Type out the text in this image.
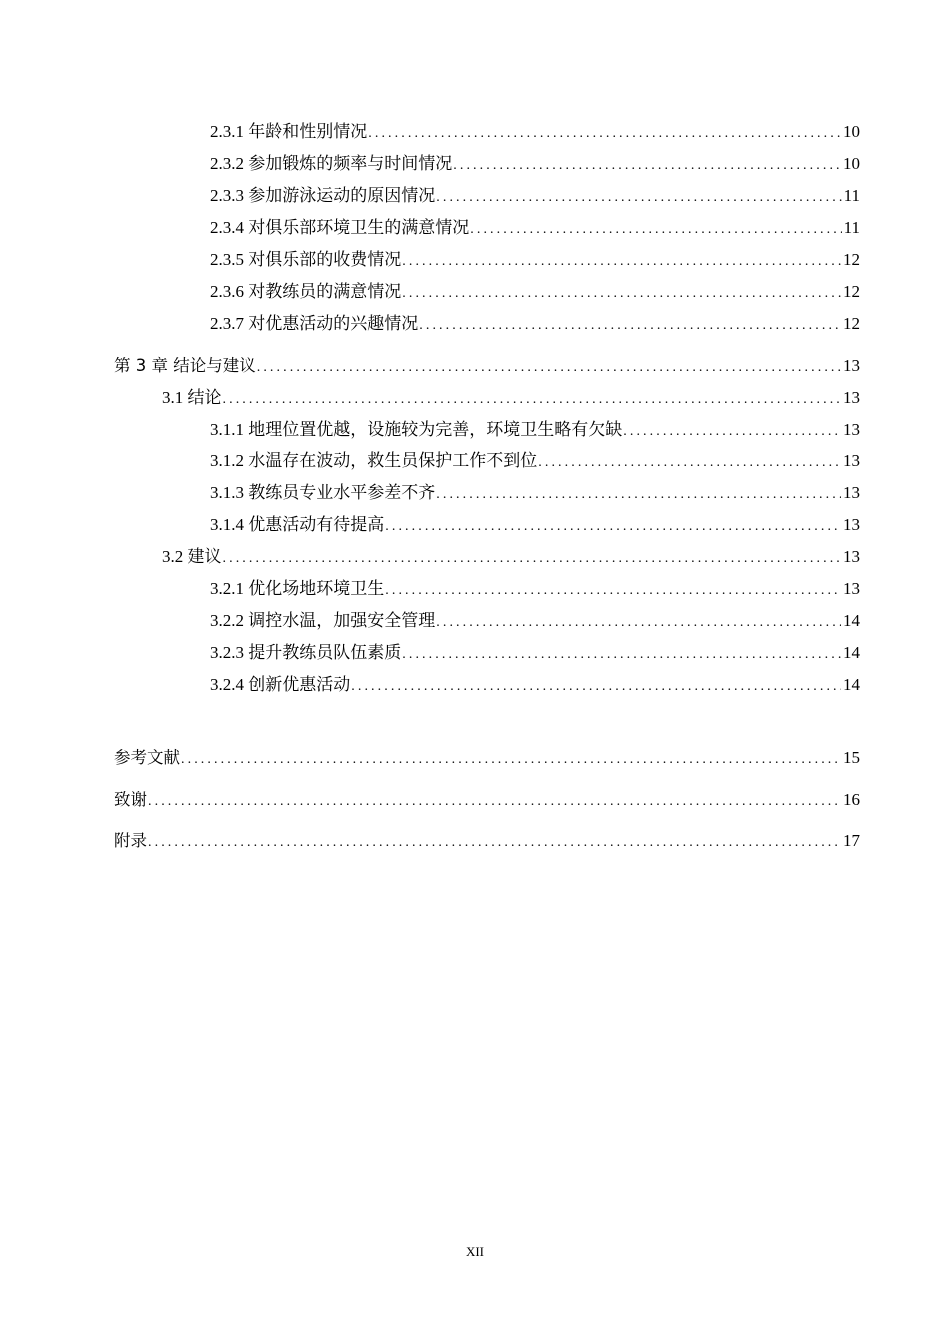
2.3.1 年龄和性别情况 .....	10
2.3.2 参加锻炼的频率与时间情况 .....	10
2.3.3 参加游泳运动的原因情况 .....	11
2.3.4 对俱乐部环境卫生的满意情况 .....	11
2.3.5 对俱乐部的收费情况 .....	12
2.3.6 对教练员的满意情况 .....	12
2.3.7 对优惠活动的兴趣情况 .....	12
第 3 章 结论与建议 .....	13
3.1 结论 .....	13
3.1.1 地理位置优越，设施较为完善，环境卫生略有欠缺 .....	13
3.1.2 水温存在波动，救生员保护工作不到位 .....	13
3.1.3 教练员专业水平参差不齐 .....	13
3.1.4 优惠活动有待提高 .....	13
3.2 建议 .....	13
3.2.1 优化场地环境卫生 .....	13
3.2.2 调控水温，加强安全管理 .....	14
3.2.3 提升教练员队伍素质 .....	14
3.2.4 创新优惠活动 .....	14
参考文献 .....	15
致谢 .....	16
附录 .....	17
XII
